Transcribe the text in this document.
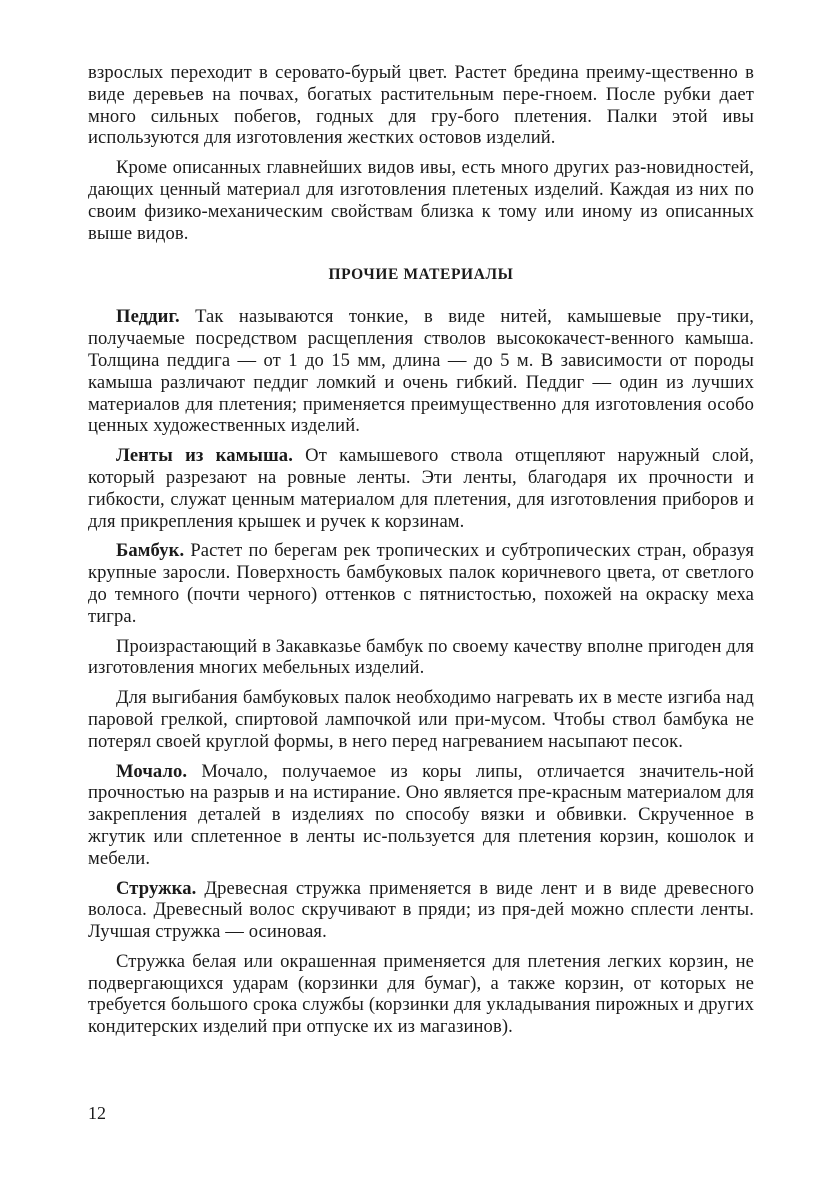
взрослых переходит в серовато-бурый цвет. Растет бредина преиму-щественно в виде деревьев на почвах, богатых растительным пере-гноем. После рубки дает много сильных побегов, годных для гру-бого плетения. Палки этой ивы используются для изготовления жестких остовов изделий.

Кроме описанных главнейших видов ивы, есть много других раз-новидностей, дающих ценный материал для изготовления плетеных изделий. Каждая из них по своим физико-механическим свойствам близка к тому или иному из описанных выше видов.

ПРОЧИЕ МАТЕРИАЛЫ

Педдиг. Так называются тонкие, в виде нитей, камышевые пру-тики, получаемые посредством расщепления стволов высококачест-венного камыша. Толщина педдига — от 1 до 15 мм, длина — до 5 м. В зависимости от породы камыша различают педдиг ломкий и очень гибкий. Педдиг — один из лучших материалов для плетения; применяется преимущественно для изготовления особо ценных художественных изделий.

Ленты из камыша. От камышевого ствола отщепляют наружный слой, который разрезают на ровные ленты. Эти ленты, благодаря их прочности и гибкости, служат ценным материалом для плетения, для изготовления приборов и для прикрепления крышек и ручек к корзинам.

Бамбук. Растет по берегам рек тропических и субтропических стран, образуя крупные заросли. Поверхность бамбуковых палок коричневого цвета, от светлого до темного (почти черного) оттенков с пятнистостью, похожей на окраску меха тигра.

Произрастающий в Закавказье бамбук по своему качеству вполне пригоден для изготовления многих мебельных изделий.

Для выгибания бамбуковых палок необходимо нагревать их в месте изгиба над паровой грелкой, спиртовой лампочкой или при-мусом. Чтобы ствол бамбука не потерял своей круглой формы, в него перед нагреванием насыпают песок.

Мочало. Мочало, получаемое из коры липы, отличается значитель-ной прочностью на разрыв и на истирание. Оно является пре-красным материалом для закрепления деталей в изделиях по способу вязки и обвивки. Скрученное в жгутик или сплетенное в ленты ис-пользуется для плетения корзин, кошолок и мебели.

Стружка. Древесная стружка применяется в виде лент и в виде древесного волоса. Древесный волос скручивают в пряди; из пря-дей можно сплести ленты. Лучшая стружка — осиновая.

Стружка белая или окрашенная применяется для плетения легких корзин, не подвергающихся ударам (корзинки для бумаг), а также корзин, от которых не требуется большого срока службы (корзинки для укладывания пирожных и других кондитерских изделий при отпуске их из магазинов).

12
